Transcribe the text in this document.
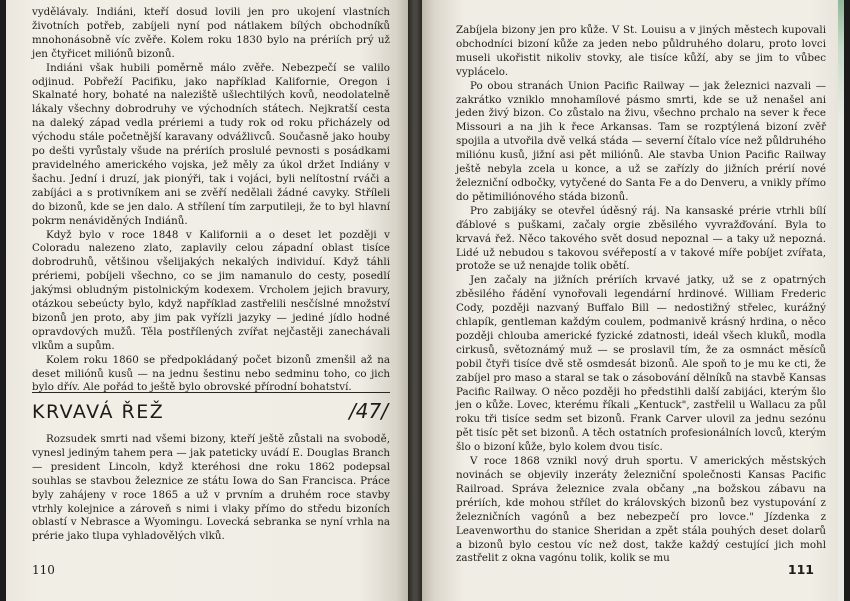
vydělávaly. Indiáni, kteří dosud lovili jen pro ukojení vlastních životních potřeb, zabíjeli nyní pod nátlakem bílých obchodníků mnohonásobně víc zvěře. Kolem roku 1830 bylo na prériích prý už jen čtyřicet miliónů bizonů.

Indiáni však hubili poměrně málo zvěře. Nebezpečí se valilo odjinud. Pobřeží Pacifiku, jako například Kalifornie, Oregon i Skalnaté hory, bohaté na naleziště ušlechtilých kovů, neodolatelně lákaly všechny dobrodruhy ve východních státech. Nejkratší cesta na daleký západ vedla prériemi a tudy rok od roku přicházely od východu stále početnější karavany odvážlivců. Současně jako houby po dešti vyrůstaly všude na prériích proslulé pevnosti s posádkami pravidelného amerického vojska, jež měly za úkol držet Indiány v šachu. Jední i druzí, jak pionýři, tak i vojáci, byli nelítostní rváči a zabíjáci a s protivníkem ani se zvěří nedělali žádné cavyky. Stříleli do bizonů, kde se jen dalo. A střílení tím zarputileji, že to byl hlavní pokrm nenáviděných Indiánů.

Když bylo v roce 1848 v Kalifornii a o deset let později v Coloradu nalezeno zlato, zaplavily celou západní oblast tisíce dobrodruhů, většinou všelijakých nekalých individuí. Když táhli prériemi, pobíjeli všechno, co se jim namanulo do cesty, posedlí jakýmsi obludným pistolnickým kodexem. Vrcholem jejich bravury, otázkou sebeúcty bylo, když například zastřelili nesčíslné množství bizonů jen proto, aby jim pak vyřízli jazyky — jediné jídlo hodné opravdových mužů. Těla postřílených zvířat nejčastěji zanechávali vlkům a supům.

Kolem roku 1860 se předpokládaný počet bizonů zmenšil až na deset miliónů kusů — na jednu šestinu nebo sedminu toho, co jich bylo dřív. Ale pořád to ještě bylo obrovské přírodní bohatství.

KRVAVÁ ŘEŽ	/47/

Rozsudek smrti nad všemi bizony, kteří ještě zůstali na svobodě, vynesl jediným tahem pera — jak pateticky uvádí E. Douglas Branch — president Lincoln, když kteréhosi dne roku 1862 podepsal souhlas se stavbou železnice ze státu Iowa do San Francisca. Práce byly zahájeny v roce 1865 a už v prvním a druhém roce stavby vtrhly kolejnice a zároveň s nimi i vlaky přímo do středu bizoních oblastí v Nebrasce a Wyomingu. Lovecká sebranka se nyní vrhla na prérie jako tlupa vyhladovělých vlků.

110

Zabíjela bizony jen pro kůže. V St. Louisu a v jiných městech kupovali obchodníci bizoní kůže za jeden nebo půldruhého dolaru, proto lovci museli ukořistit nikoliv stovky, ale tisíce kůží, aby se jim to vůbec vyplácelo.

Po obou stranách Union Pacific Railway — jak železnici nazvali — zakrátko vzniklo mnohamílové pásmo smrti, kde se už nenašel ani jeden živý bizon. Co zůstalo na živu, všechno prchalo na sever k řece Missouri a na jih k řece Arkansas. Tam se rozptýlená bizoní zvěř spojila a utvořila dvě velká stáda — severní čítalo více než půldruhého miliónu kusů, jižní asi pět miliónů. Ale stavba Union Pacific Railway ještě nebyla zcela u konce, a už se zařízly do jižních prérií nové železniční odbočky, vytyčené do Santa Fe a do Denveru, a vnikly přímo do pětimiliónového stáda bizonů.

Pro zabijáky se otevřel úděsný ráj. Na kansaské prérie vtrhli bílí ďáblové s puškami, začaly orgie zběsilého vyvražďování. Byla to krvavá řež. Něco takového svět dosud nepoznal — a taky už nepozná. Lidé už nebudou s takovou svéřepostí a v takové míře pobíjet zvířata, protože se už nenajde tolik obětí.

Jen začaly na jižních prériích krvavé jatky, už se z opatrných zběsilého řádění vynořovali legendární hrdinové. William Frederic Cody, později nazvaný Buffalo Bill — nedostižný střelec, kurážný chlapík, gentleman každým coulem, podmanivě krásný hrdina, o něco později chlouba americké fyzické zdatnosti, ideál všech kluků, modla cirkusů, světoznámý muž — se proslavil tím, že za osmnáct měsíců pobil čtyři tisíce dvě stě osmdesát bizonů. Ale spoň to je mu ke cti, že zabíjel pro maso a staral se tak o zásobování dělníků na stavbě Kansas Pacific Railway. O něco později ho předstihli další zabijáci, kterým šlo jen o kůže. Lovec, kterému říkali „Kentuck", zastřelil u Wallacu za půl roku tři tisíce sedm set bizonů. Frank Carver ulovil za jednu sezónu pět tisíc pět set bizonů. A těch ostatních profesionálních lovců, kterým šlo o bizoní kůže, bylo kolem dvou tisíc.

V roce 1868 vznikl nový druh sportu. V amerických městských novinách se objevily inzeráty železniční společnosti Kansas Pacific Railroad. Správa železnice zvala občany „na božskou zábavu na prériích, kde mohou střílet do královských bizonů bez vystupování z železničních vagónů a bez nebezpečí pro lovce." Jízdenka z Leavenworthu do stanice Sheridan a zpět stála pouhých deset dolarů a bizonů bylo cestou víc než dost, takže každý cestující jich mohl zastřelit z okna vagónu tolik, kolik se mu

111
